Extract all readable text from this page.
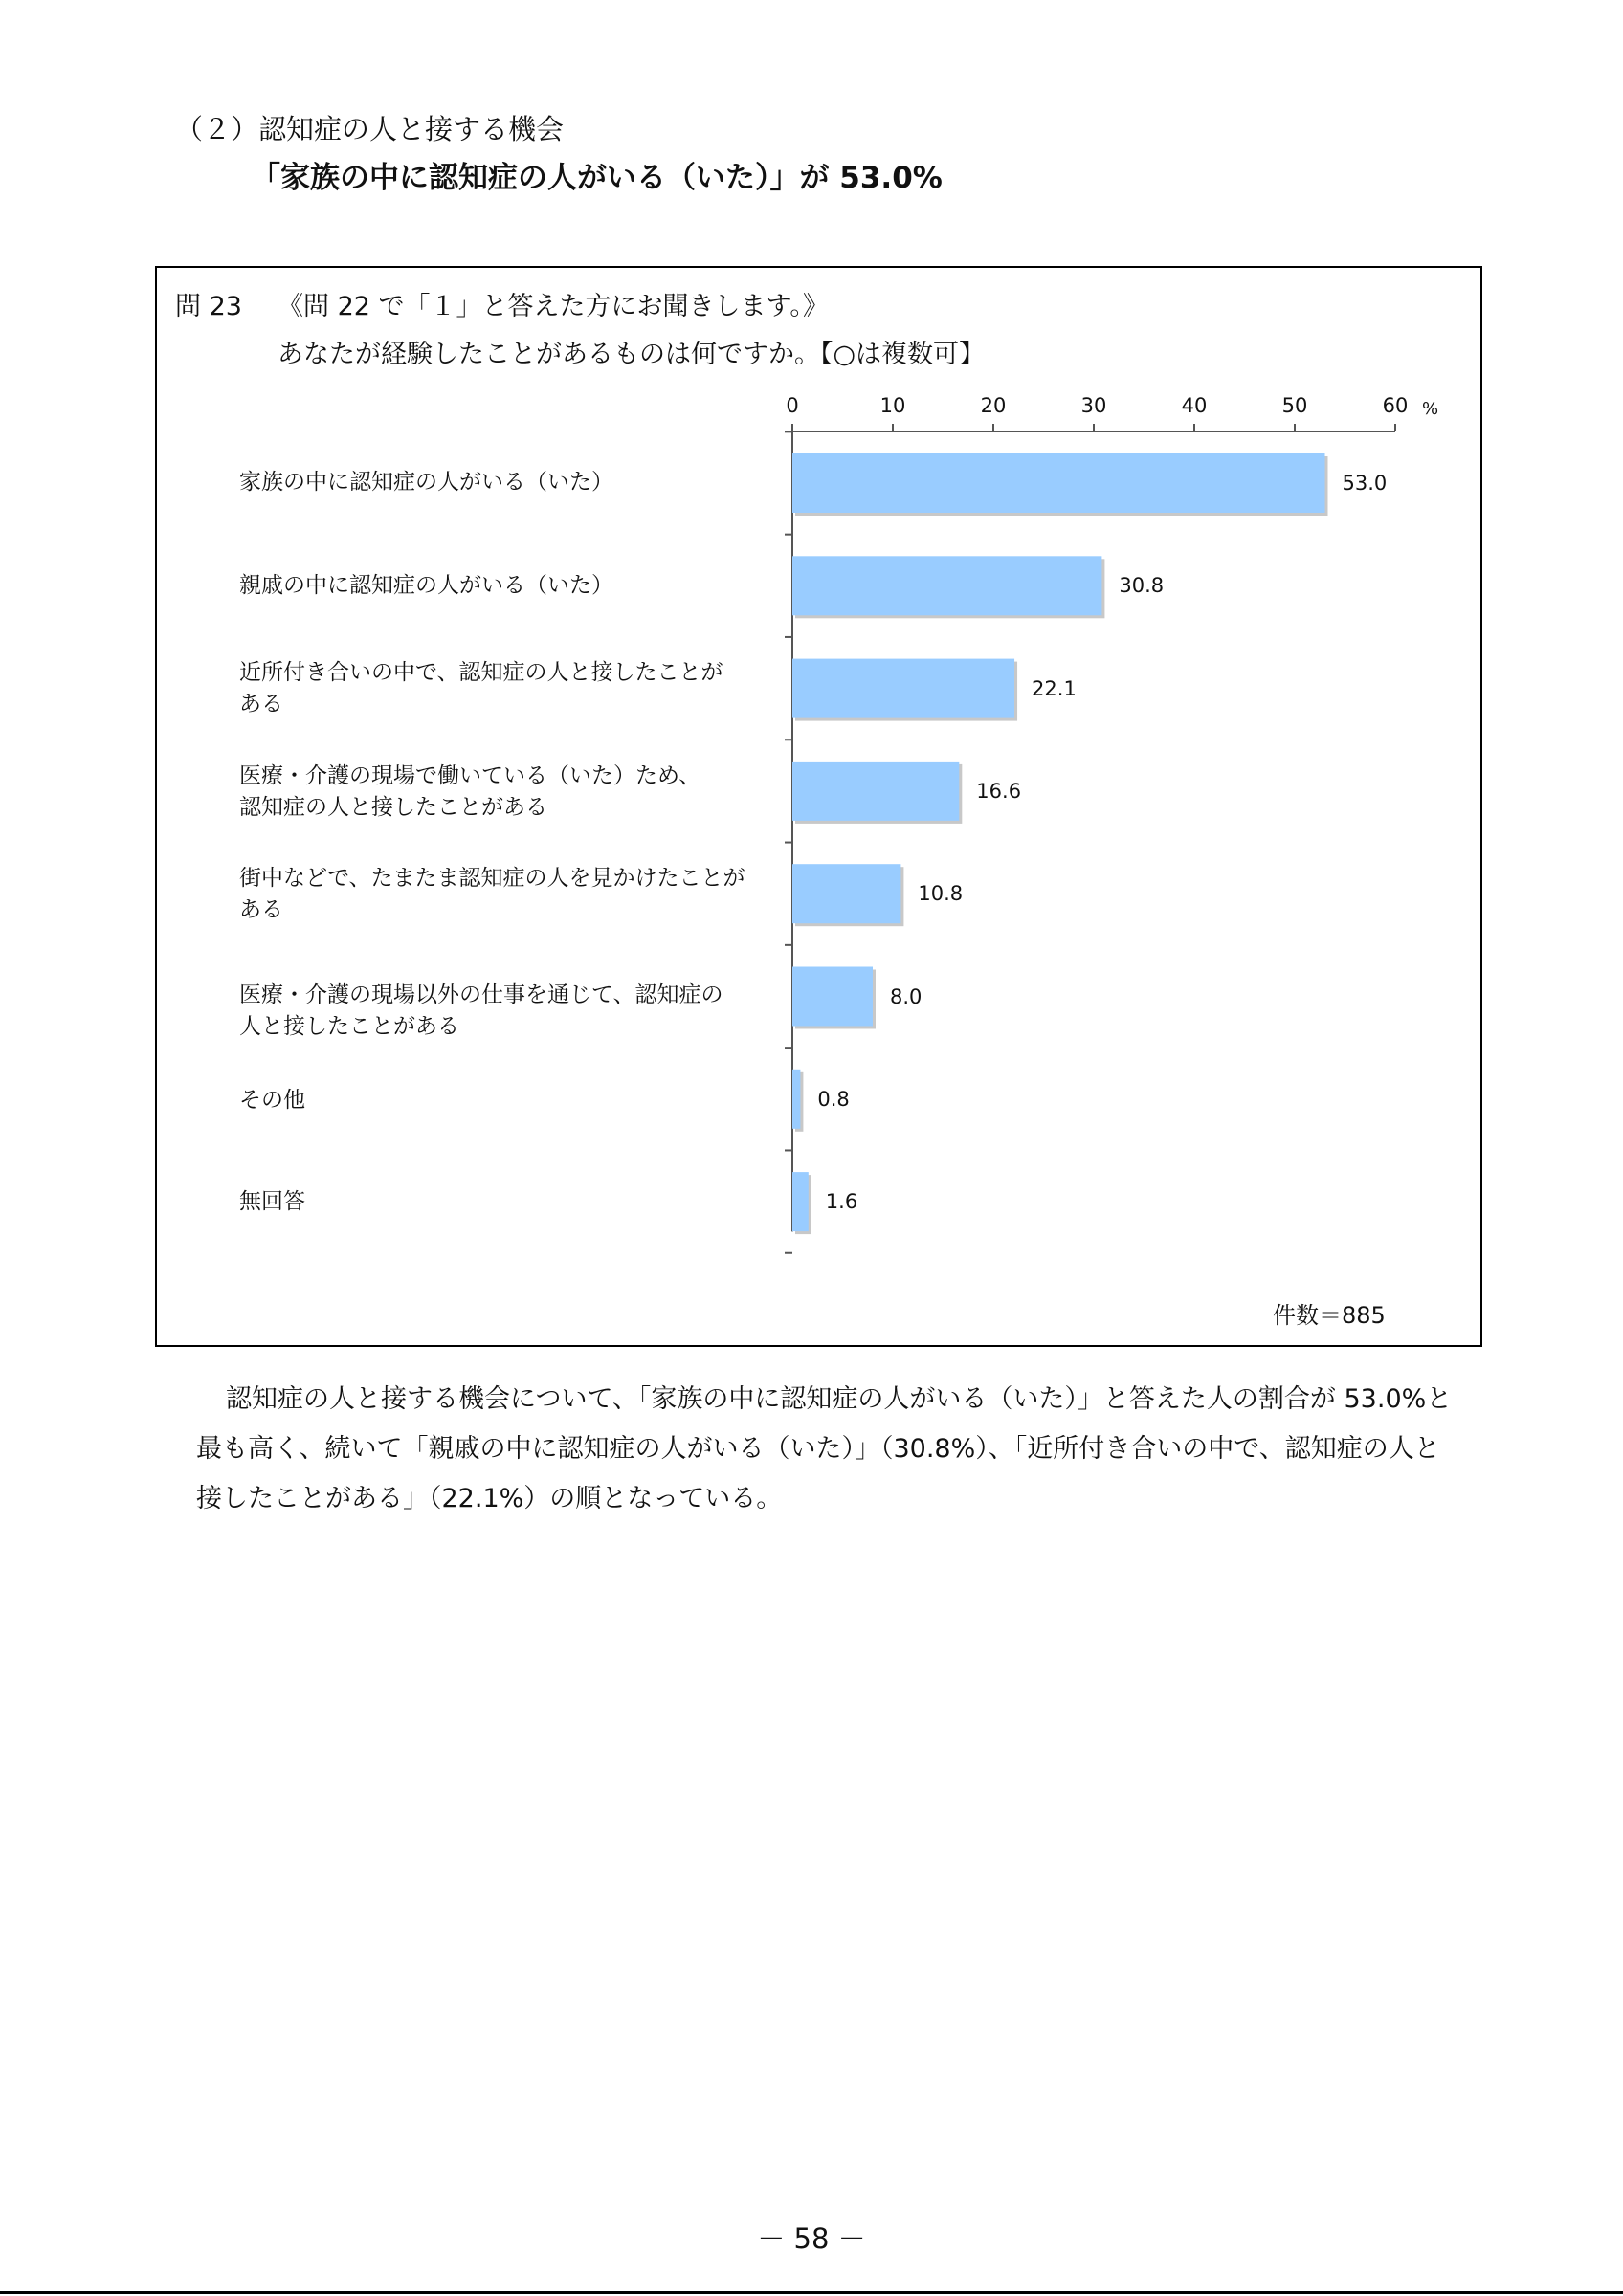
（２）認知症の人と接する機会
「家族の中に認知症の人がいる（いた）」が 53.0%
問 23 《問 22 で「１」と答えた方にお聞きします。》
あなたが経験したことがあるものは何ですか。【○は複数可】
家族の中に認知症の人がいる（いた）
親戚の中に認知症の人がいる（いた）
近所付き合いの中で、認知症の人と接したことが
ある
医療・介護の現場で働いている（いた）ため、
認知症の人と接したことがある
街中などで、たまたま認知症の人を見かけたことが
ある
医療・介護の現場以外の仕事を通じて、認知症の
人と接したことがある
その他
無回答
0	10	20	30	40	50	60
53.0
30.8
22.1
16.6
10.8
8.0
0.8
1.6
%
件数＝885
認知症の人と接する機会について、「家族の中に認知症の人がいる（いた）」と答えた人の割合が 53.0%と最も高く、続いて「親戚の中に認知症の人がいる（いた）」（30.8%）、「近所付き合いの中で、認知症の人と接したことがある」（22.1%）の順となっている。
－ 58 －
